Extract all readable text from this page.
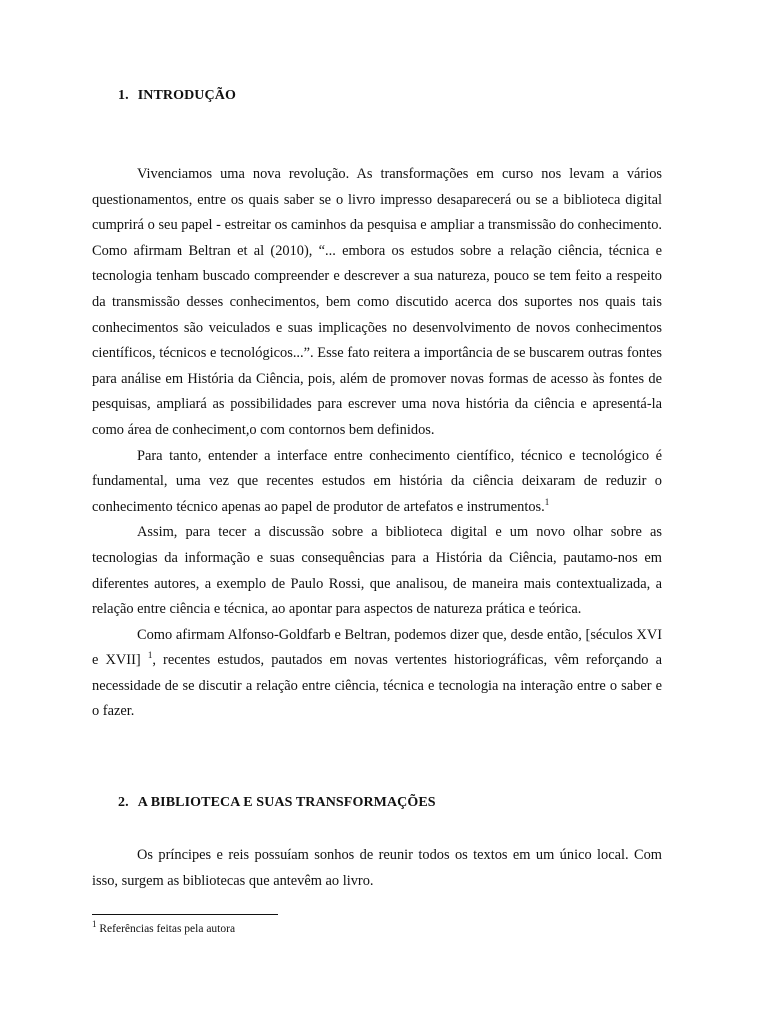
1. INTRODUÇÃO

Vivenciamos uma nova revolução. As transformações em curso nos levam a vários questionamentos, entre os quais saber se o livro impresso desaparecerá ou se a biblioteca digital cumprirá o seu papel - estreitar os caminhos da pesquisa e ampliar a transmissão do conhecimento. Como afirmam Beltran et al (2010), “... embora os estudos sobre a relação ciência, técnica e tecnologia tenham buscado compreender e descrever a sua natureza, pouco se tem feito a respeito da transmissão desses conhecimentos, bem como discutido acerca dos suportes nos quais tais conhecimentos são veiculados e suas implicações no desenvolvimento de novos conhecimentos científicos, técnicos e tecnológicos...”. Esse fato reitera a importância de se buscarem outras fontes para análise em História da Ciência, pois, além de promover novas formas de acesso às fontes de pesquisas, ampliará as possibilidades para escrever uma nova história da ciência e apresentá-la como área de conheciment,o com contornos bem definidos.

Para tanto, entender a interface entre conhecimento científico, técnico e tecnológico é fundamental, uma vez que recentes estudos em história da ciência deixaram de reduzir o conhecimento técnico apenas ao papel de produtor de artefatos e instrumentos.$^1$

Assim, para tecer a discussão sobre a biblioteca digital e um novo olhar sobre as tecnologias da informação e suas consequências para a História da Ciência, pautamo-nos em diferentes autores, a exemplo de Paulo Rossi, que analisou, de maneira mais contextualizada, a relação entre ciência e técnica, ao apontar para aspectos de natureza prática e teórica.

Como afirmam Alfonso-Goldfarb e Beltran, podemos dizer que, desde então, [séculos XVI e XVII] $^1$, recentes estudos, pautados em novas vertentes historiográficas, vêm reforçando a necessidade de se discutir a relação entre ciência, técnica e tecnologia na interação entre o saber e o fazer.

2. A BIBLIOTECA E SUAS TRANSFORMAÇÕES

Os príncipes e reis possuíam sonhos de reunir todos os textos em um único local. Com isso, surgem as bibliotecas que antevêm ao livro.

$^1$ Referências feitas pela autora
